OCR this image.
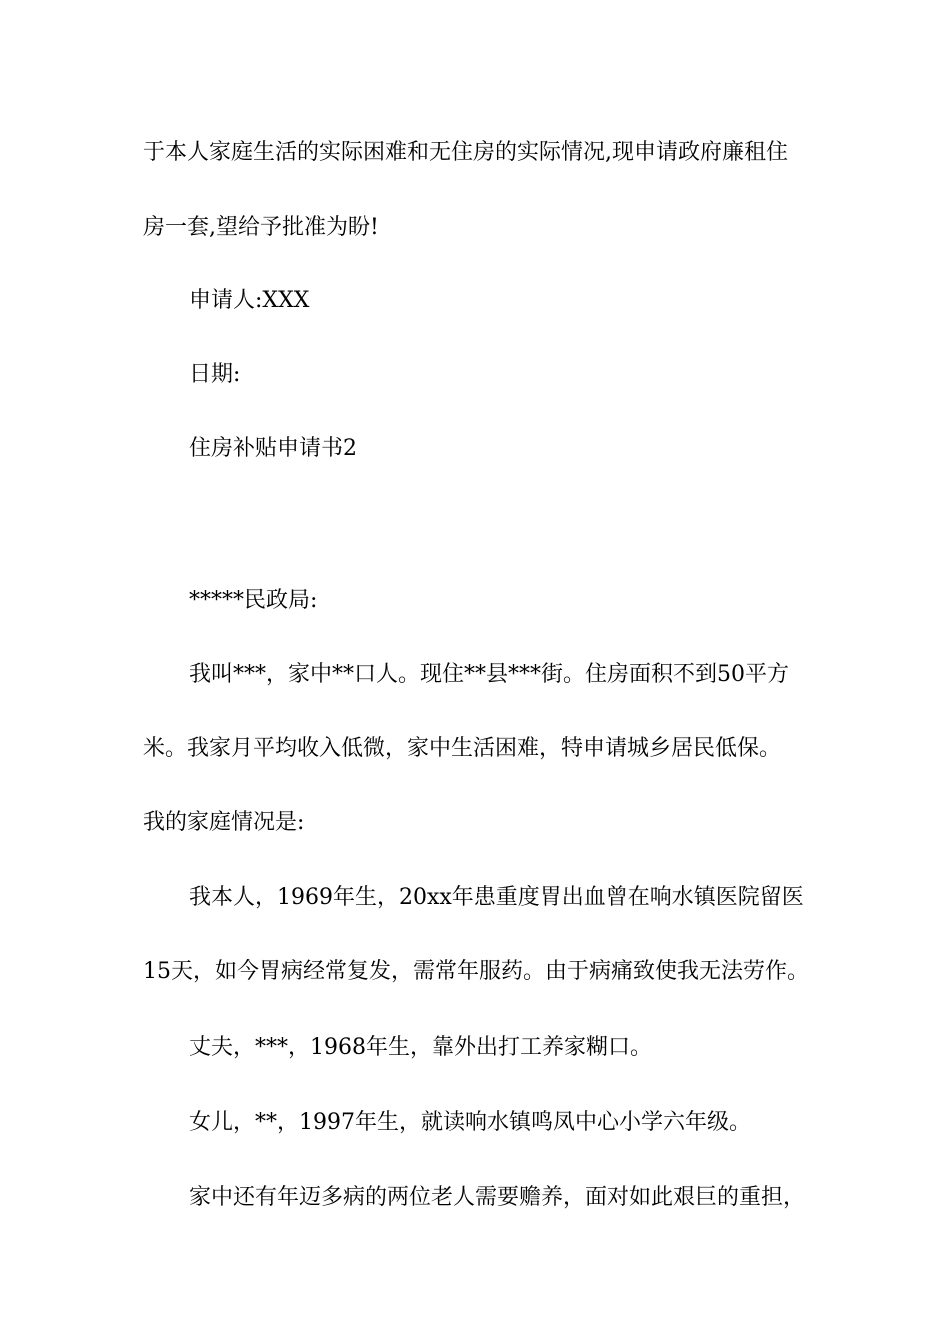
于本人家庭生活的实际困难和无住房的实际情况,现申请政府廉租住
房一套,望给予批准为盼!
申请人:XXX
日期:
住房补贴申请书2
*****民政局:
我叫***，家中**口人。现住**县***街。住房面积不到50平方
米。我家月平均收入低微，家中生活困难，特申请城乡居民低保。
我的家庭情况是:
我本人，1969年生，20xx年患重度胃出血曾在响水镇医院留医
15天，如今胃病经常复发，需常年服药。由于病痛致使我无法劳作。
丈夫，***，1968年生，靠外出打工养家糊口。
女儿，**，1997年生，就读响水镇鸣凤中心小学六年级。
家中还有年迈多病的两位老人需要赡养，面对如此艰巨的重担，
